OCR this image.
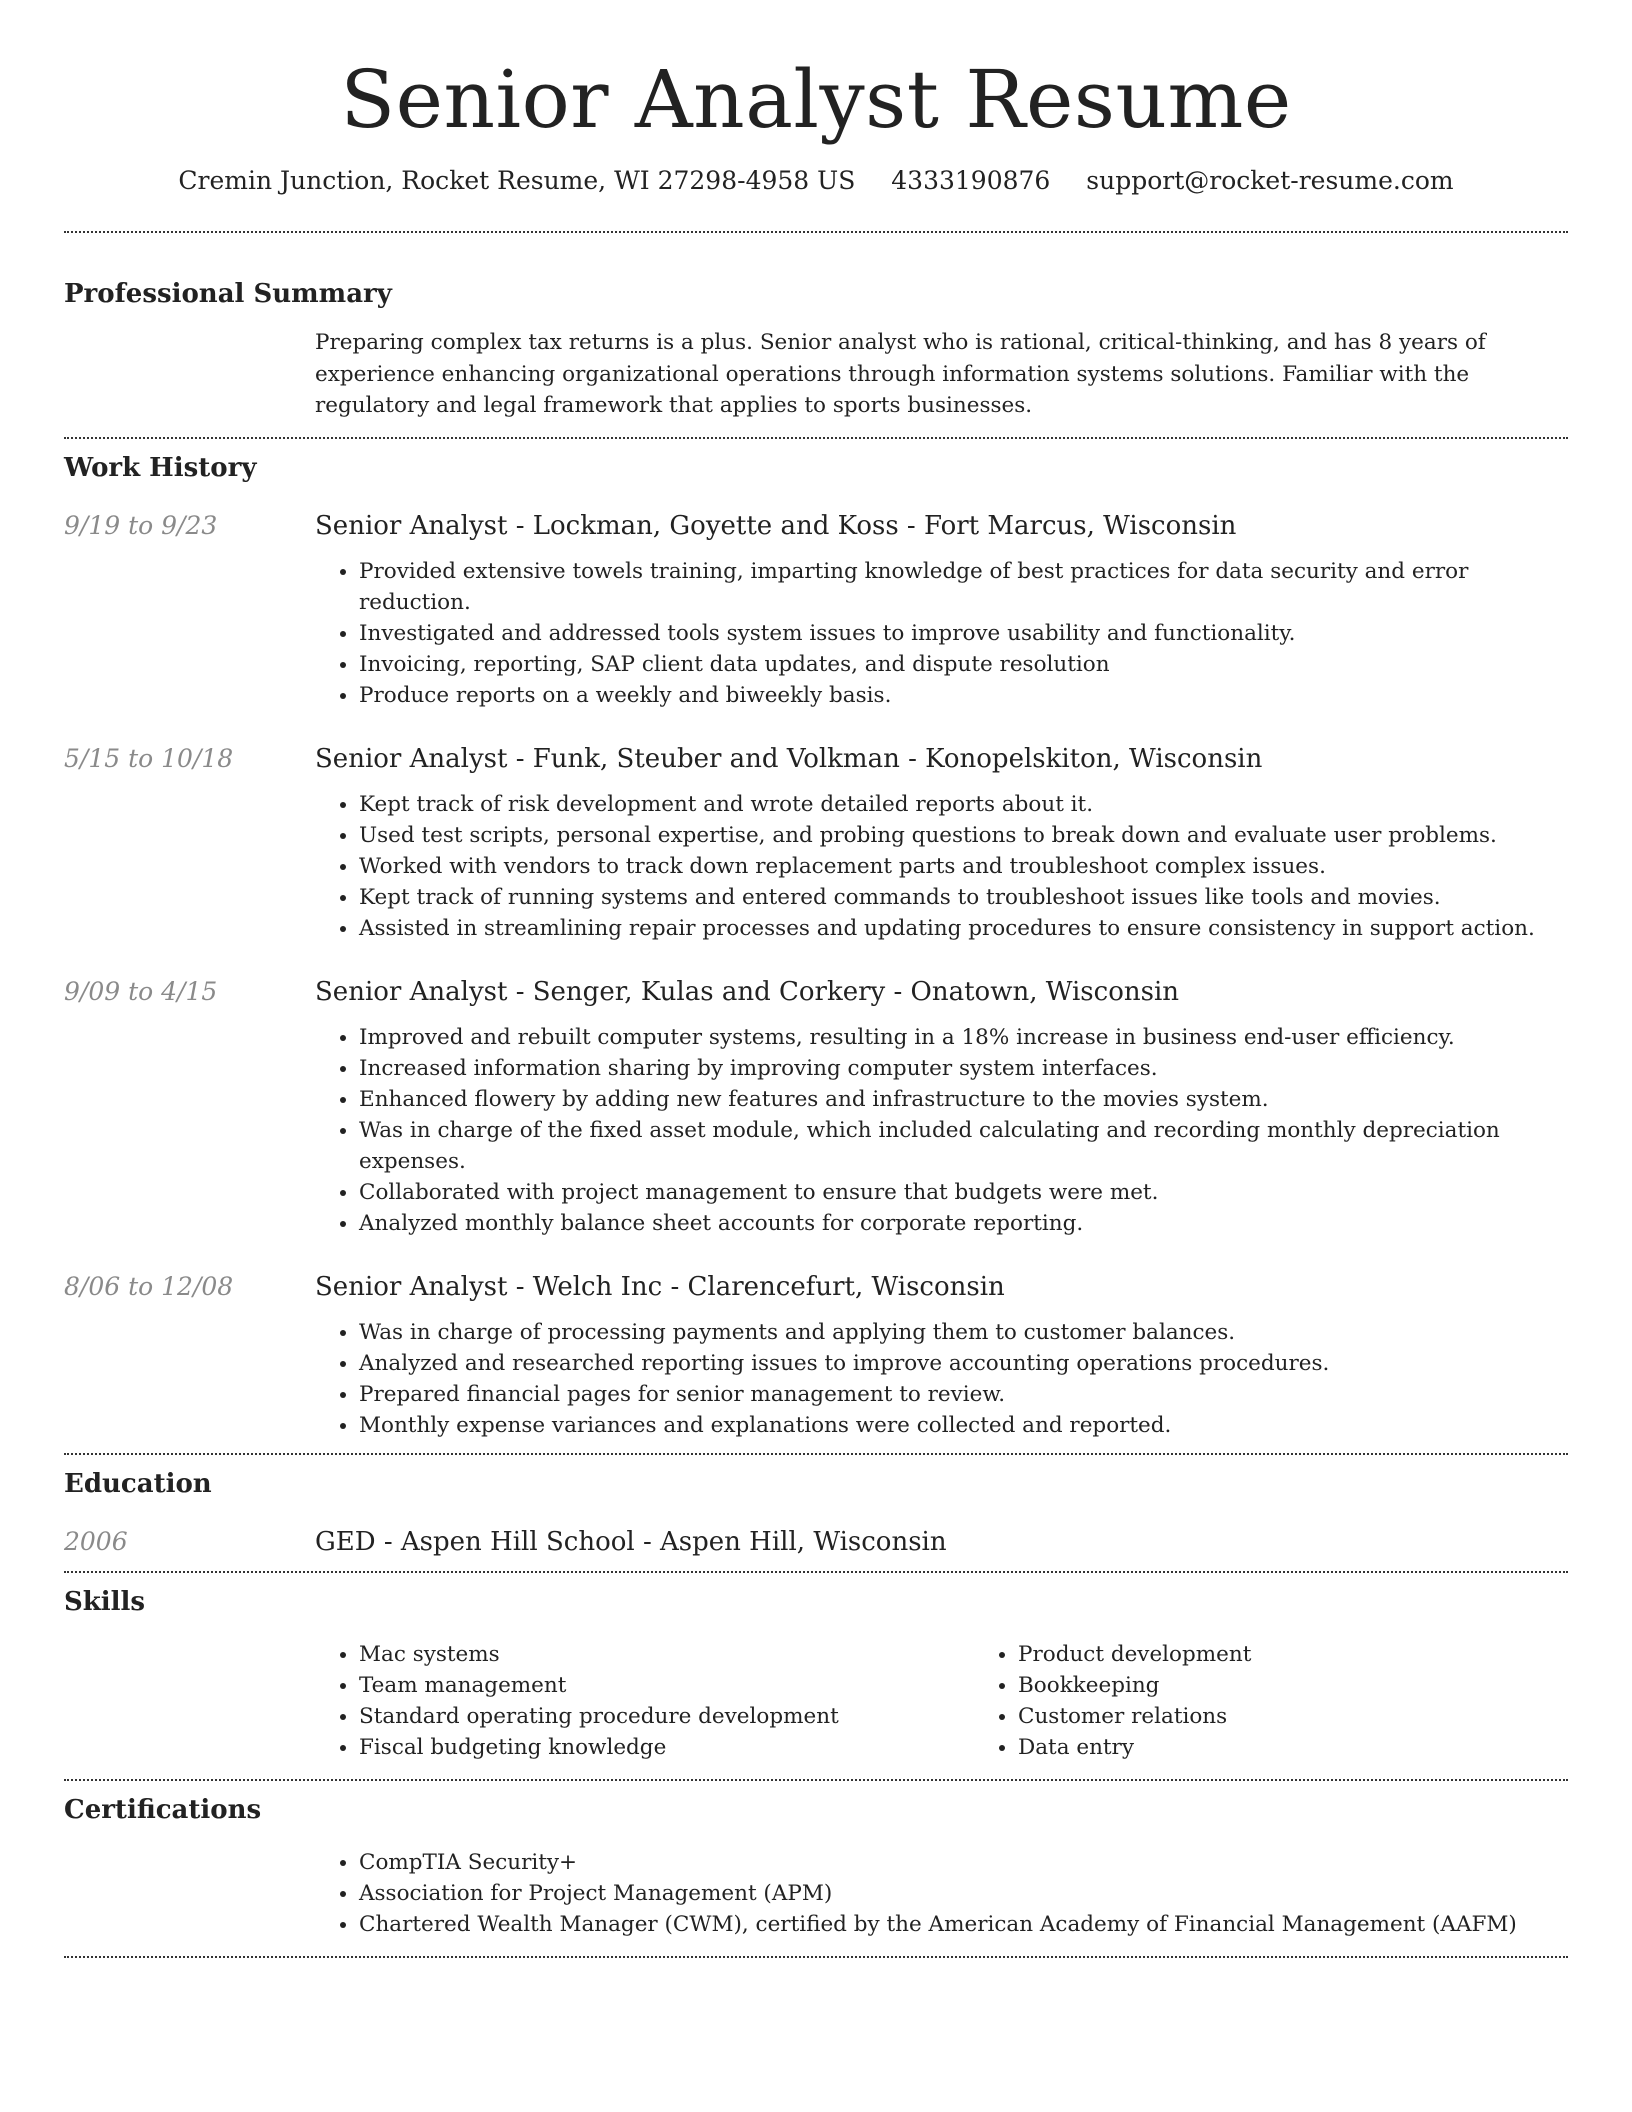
Senior Analyst Resume
Cremin Junction, Rocket Resume, WI 27298-4958 US 4333190876 support@rocket-resume.com
Professional Summary
Preparing complex tax returns is a plus. Senior analyst who is rational, critical-thinking, and has 8 years of experience enhancing organizational operations through information systems solutions. Familiar with the regulatory and legal framework that applies to sports businesses.
Work History
9/19 to 9/23	Senior Analyst - Lockman, Goyette and Koss - Fort Marcus, Wisconsin
• Provided extensive towels training, imparting knowledge of best practices for data security and error reduction.
• Investigated and addressed tools system issues to improve usability and functionality.
• Invoicing, reporting, SAP client data updates, and dispute resolution
• Produce reports on a weekly and biweekly basis.
5/15 to 10/18	Senior Analyst - Funk, Steuber and Volkman - Konopelskiton, Wisconsin
• Kept track of risk development and wrote detailed reports about it.
• Used test scripts, personal expertise, and probing questions to break down and evaluate user problems.
• Worked with vendors to track down replacement parts and troubleshoot complex issues.
• Kept track of running systems and entered commands to troubleshoot issues like tools and movies.
• Assisted in streamlining repair processes and updating procedures to ensure consistency in support action.
9/09 to 4/15	Senior Analyst - Senger, Kulas and Corkery - Onatown, Wisconsin
• Improved and rebuilt computer systems, resulting in a 18% increase in business end-user efficiency.
• Increased information sharing by improving computer system interfaces.
• Enhanced flowery by adding new features and infrastructure to the movies system.
• Was in charge of the fixed asset module, which included calculating and recording monthly depreciation expenses.
• Collaborated with project management to ensure that budgets were met.
• Analyzed monthly balance sheet accounts for corporate reporting.
8/06 to 12/08	Senior Analyst - Welch Inc - Clarencefurt, Wisconsin
• Was in charge of processing payments and applying them to customer balances.
• Analyzed and researched reporting issues to improve accounting operations procedures.
• Prepared financial pages for senior management to review.
• Monthly expense variances and explanations were collected and reported.
Education
2006	GED - Aspen Hill School - Aspen Hill, Wisconsin
Skills
• Mac systems
• Team management
• Standard operating procedure development
• Fiscal budgeting knowledge
• Product development
• Bookkeeping
• Customer relations
• Data entry
Certifications
• CompTIA Security+
• Association for Project Management (APM)
• Chartered Wealth Manager (CWM), certified by the American Academy of Financial Management (AAFM)
